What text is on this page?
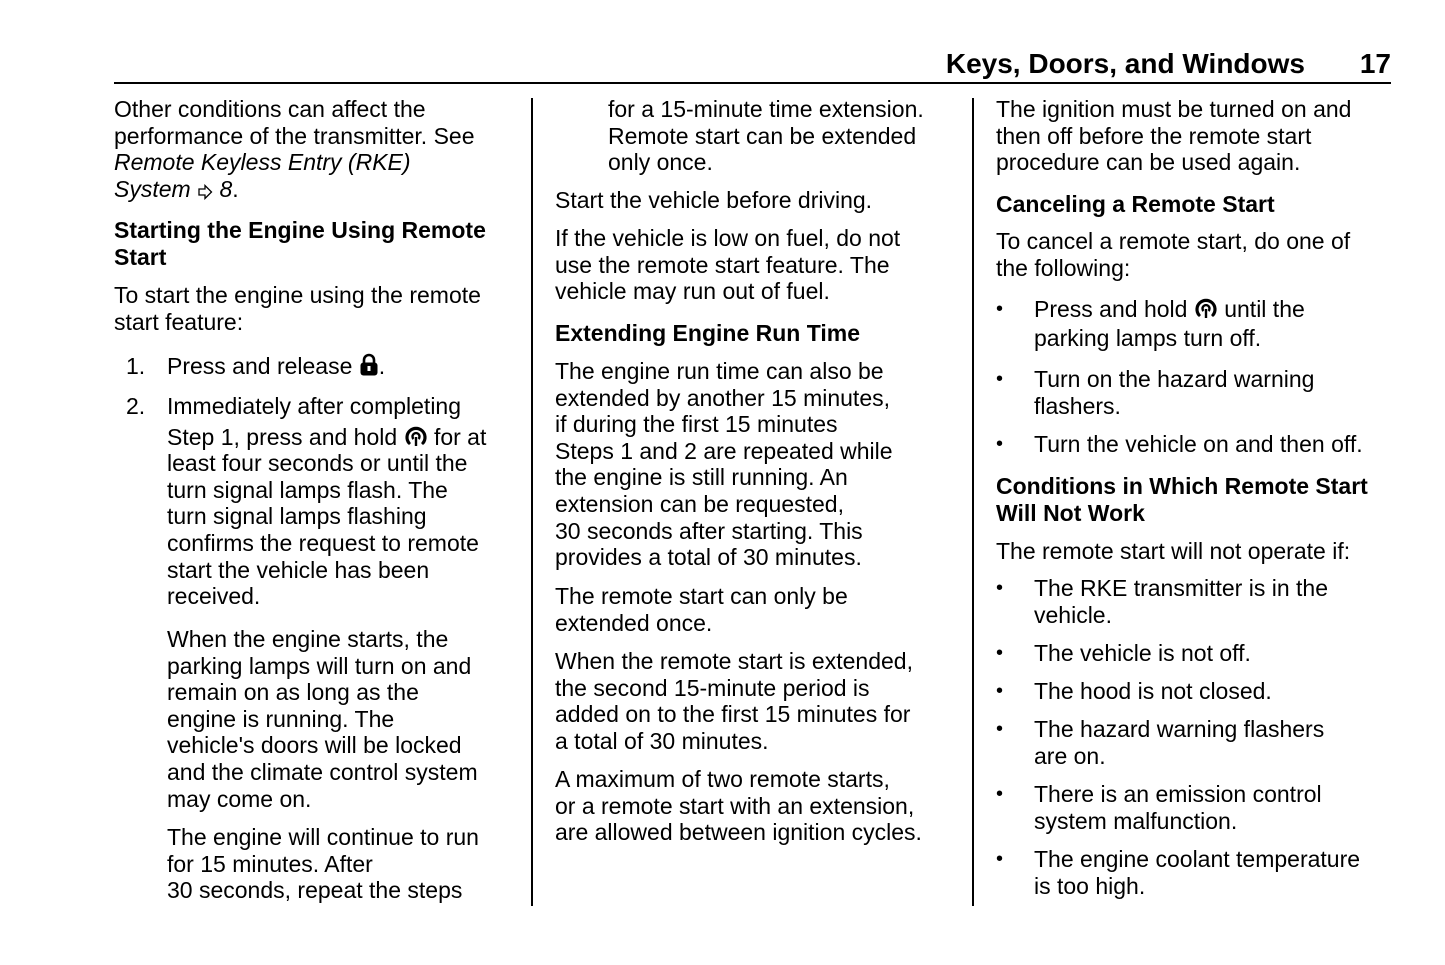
Keys, Doors, and Windows 17

Other conditions can affect the

performance of the transmitter. See

Remote Keyless Entry (RKE)

System 8.

Starting the Engine Using Remote

Start

To start the engine using the remote

start feature:

1. Press and release .
2. Immediately after completing

Step 1, press and hold for at

least four seconds or until the

turn signal lamps flash. The

turn signal lamps flashing

confirms the request to remote

start the vehicle has been

received.

When the engine starts, the

parking lamps will turn on and

remain on as long as the

engine is running. The

vehicle's doors will be locked

and the climate control system

may come on.

The engine will continue to run

for 15 minutes. After

30 seconds, repeat the steps

for a 15-minute time extension.

Remote start can be extended

only once.

Start the vehicle before driving.

If the vehicle is low on fuel, do not

use the remote start feature. The

vehicle may run out of fuel.

Extending Engine Run Time

The engine run time can also be

extended by another 15 minutes,

if during the first 15 minutes

Steps 1 and 2 are repeated while

the engine is still running. An

extension can be requested,

30 seconds after starting. This

provides a total of 30 minutes.

The remote start can only be

extended once.

When the remote start is extended,

the second 15-minute period is

added on to the first 15 minutes for

a total of 30 minutes.

A maximum of two remote starts,

or a remote start with an extension,

are allowed between ignition cycles.

The ignition must be turned on and

then off before the remote start

procedure can be used again.

Canceling a Remote Start

To cancel a remote start, do one of

the following:

• Press and hold until the

parking lamps turn off.

• Turn on the hazard warning

flashers.

• Turn the vehicle on and then off.

Conditions in Which Remote Start

Will Not Work

The remote start will not operate if:

• The RKE transmitter is in the

vehicle.

• The vehicle is not off.

• The hood is not closed.

• The hazard warning flashers

are on.

• There is an emission control

system malfunction.

• The engine coolant temperature

is too high.
